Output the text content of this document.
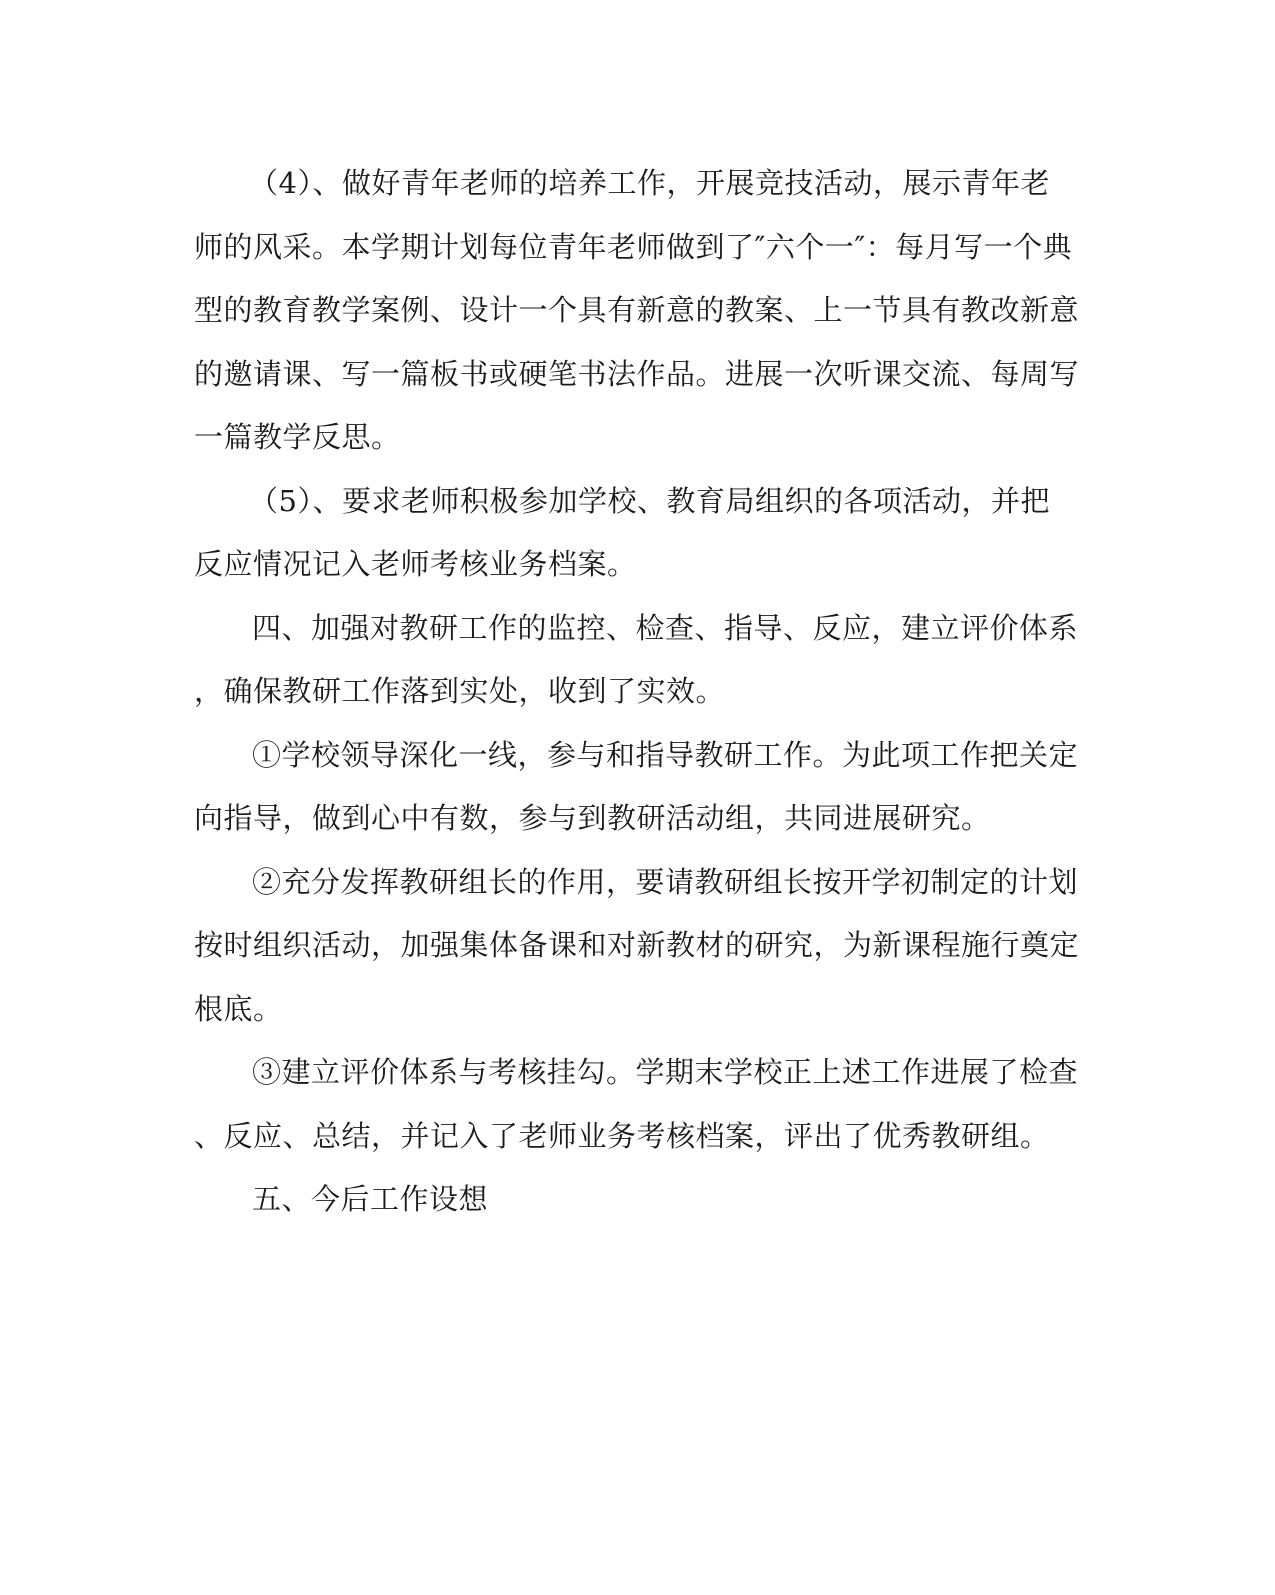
（4）、做好青年老师的培养工作，开展竞技活动，展示青年老
师的风采。本学期计划每位青年老师做到了″六个一″：每月写一个典
型的教育教学案例、设计一个具有新意的教案、上一节具有教改新意
的邀请课、写一篇板书或硬笔书法作品。进展一次听课交流、每周写
一篇教学反思。
（5）、要求老师积极参加学校、教育局组织的各项活动，并把
反应情况记入老师考核业务档案。
四、加强对教研工作的监控、检查、指导、反应，建立评价体系
，确保教研工作落到实处，收到了实效。
①学校领导深化一线，参与和指导教研工作。为此项工作把关定
向指导，做到心中有数，参与到教研活动组，共同进展研究。
②充分发挥教研组长的作用，要请教研组长按开学初制定的计划
按时组织活动，加强集体备课和对新教材的研究，为新课程施行奠定
根底。
③建立评价体系与考核挂勾。学期末学校正上述工作进展了检查
、反应、总结，并记入了老师业务考核档案，评出了优秀教研组。
五、今后工作设想
